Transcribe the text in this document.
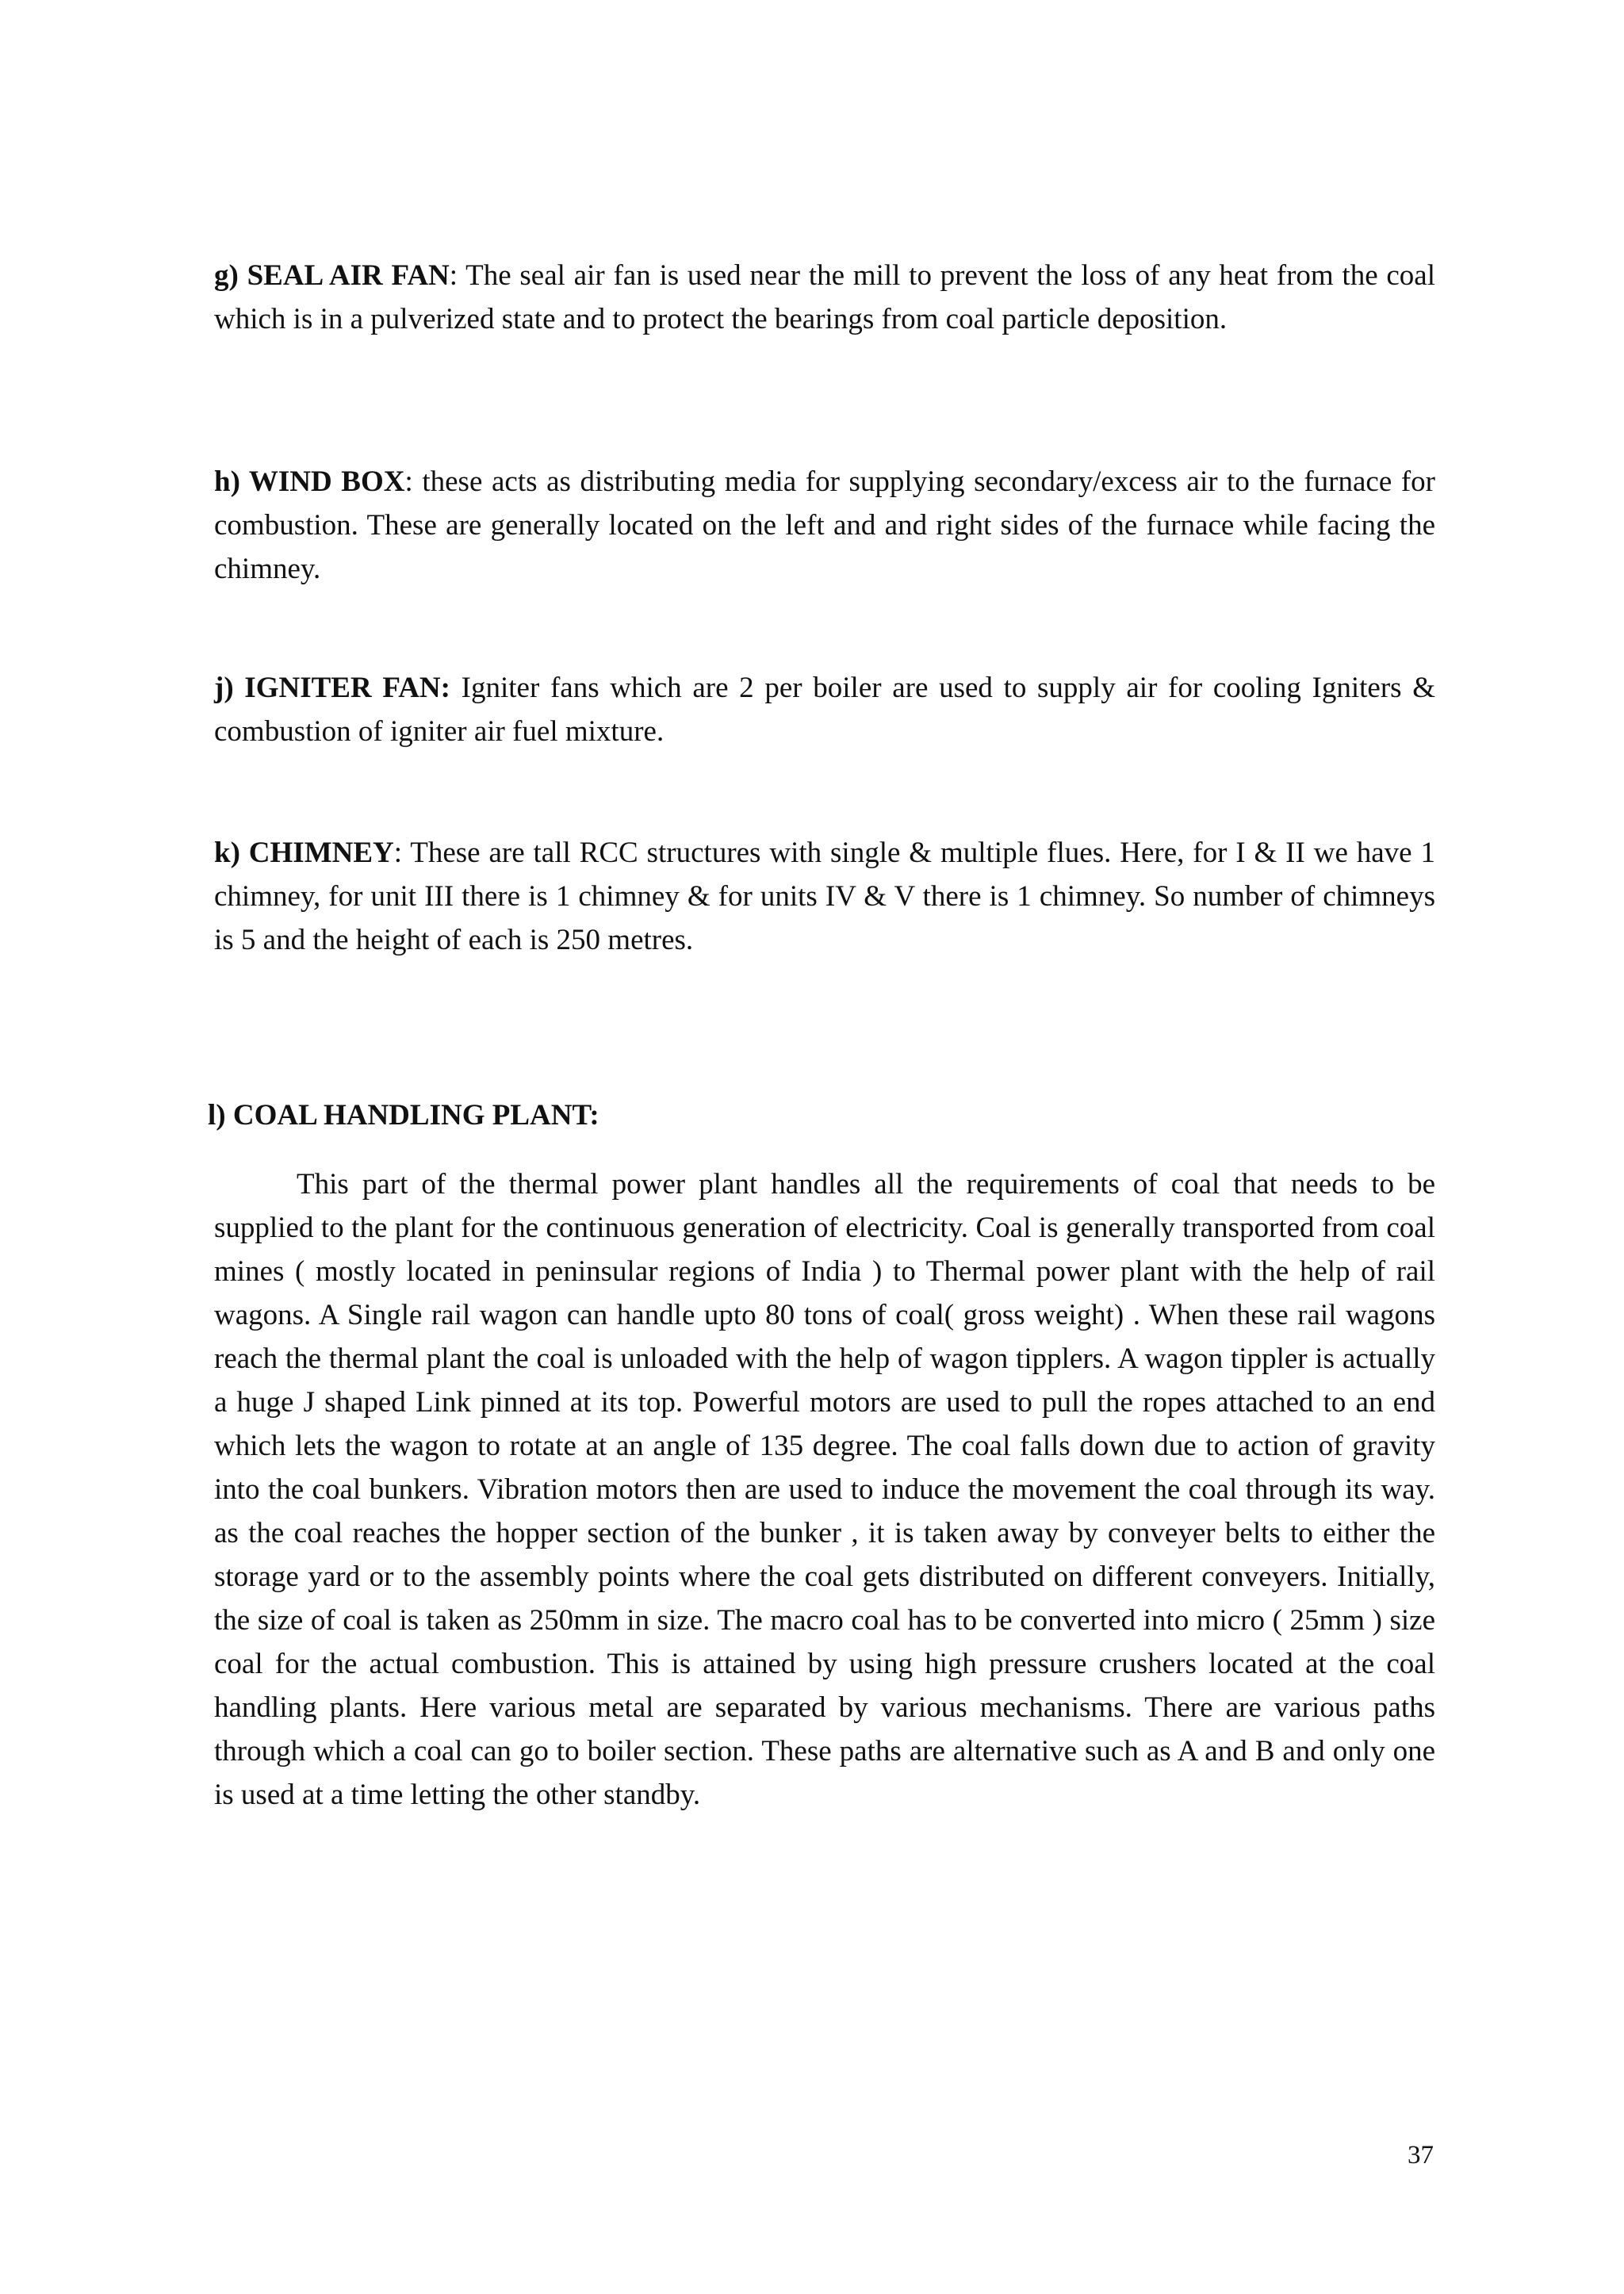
g) SEAL AIR FAN: The seal air fan is used near the mill to prevent the loss of any heat from the coal which is in a pulverized state and to protect the bearings from coal particle deposition.

h) WIND BOX: these acts as distributing media for supplying secondary/excess air to the furnace for combustion. These are generally located on the left and and right sides of the furnace while facing the chimney.

j) IGNITER FAN: Igniter fans which are 2 per boiler are used to supply air for cooling Igniters & combustion of igniter air fuel mixture.

k) CHIMNEY: These are tall RCC structures with single & multiple flues. Here, for I & II we have 1 chimney, for unit III there is 1 chimney & for units IV & V there is 1 chimney. So number of chimneys is 5 and the height of each is 250 metres.

l) COAL HANDLING PLANT:

This part of the thermal power plant handles all the requirements of coal that needs to be supplied to the plant for the continuous generation of electricity. Coal is generally transported from coal mines ( mostly located in peninsular regions of India ) to Thermal power plant with the help of rail wagons. A Single rail wagon can handle upto 80 tons of coal( gross weight) . When these rail wagons reach the thermal plant the coal is unloaded with the help of wagon tipplers. A wagon tippler is actually a huge J shaped Link pinned at its top. Powerful motors are used to pull the ropes attached to an end which lets the wagon to rotate at an angle of 135 degree. The coal falls down due to action of gravity into the coal bunkers. Vibration motors then are used to induce the movement the coal through its way. as the coal reaches the hopper section of the bunker , it is taken away by conveyer belts to either the storage yard or to the assembly points where the coal gets distributed on different conveyers. Initially, the size of coal is taken as 250mm in size. The macro coal has to be converted into micro ( 25mm ) size coal for the actual combustion. This is attained by using high pressure crushers located at the coal handling plants. Here various metal are separated by various mechanisms. There are various paths through which a coal can go to boiler section. These paths are alternative such as A and B and only one is used at a time letting the other standby.

37
